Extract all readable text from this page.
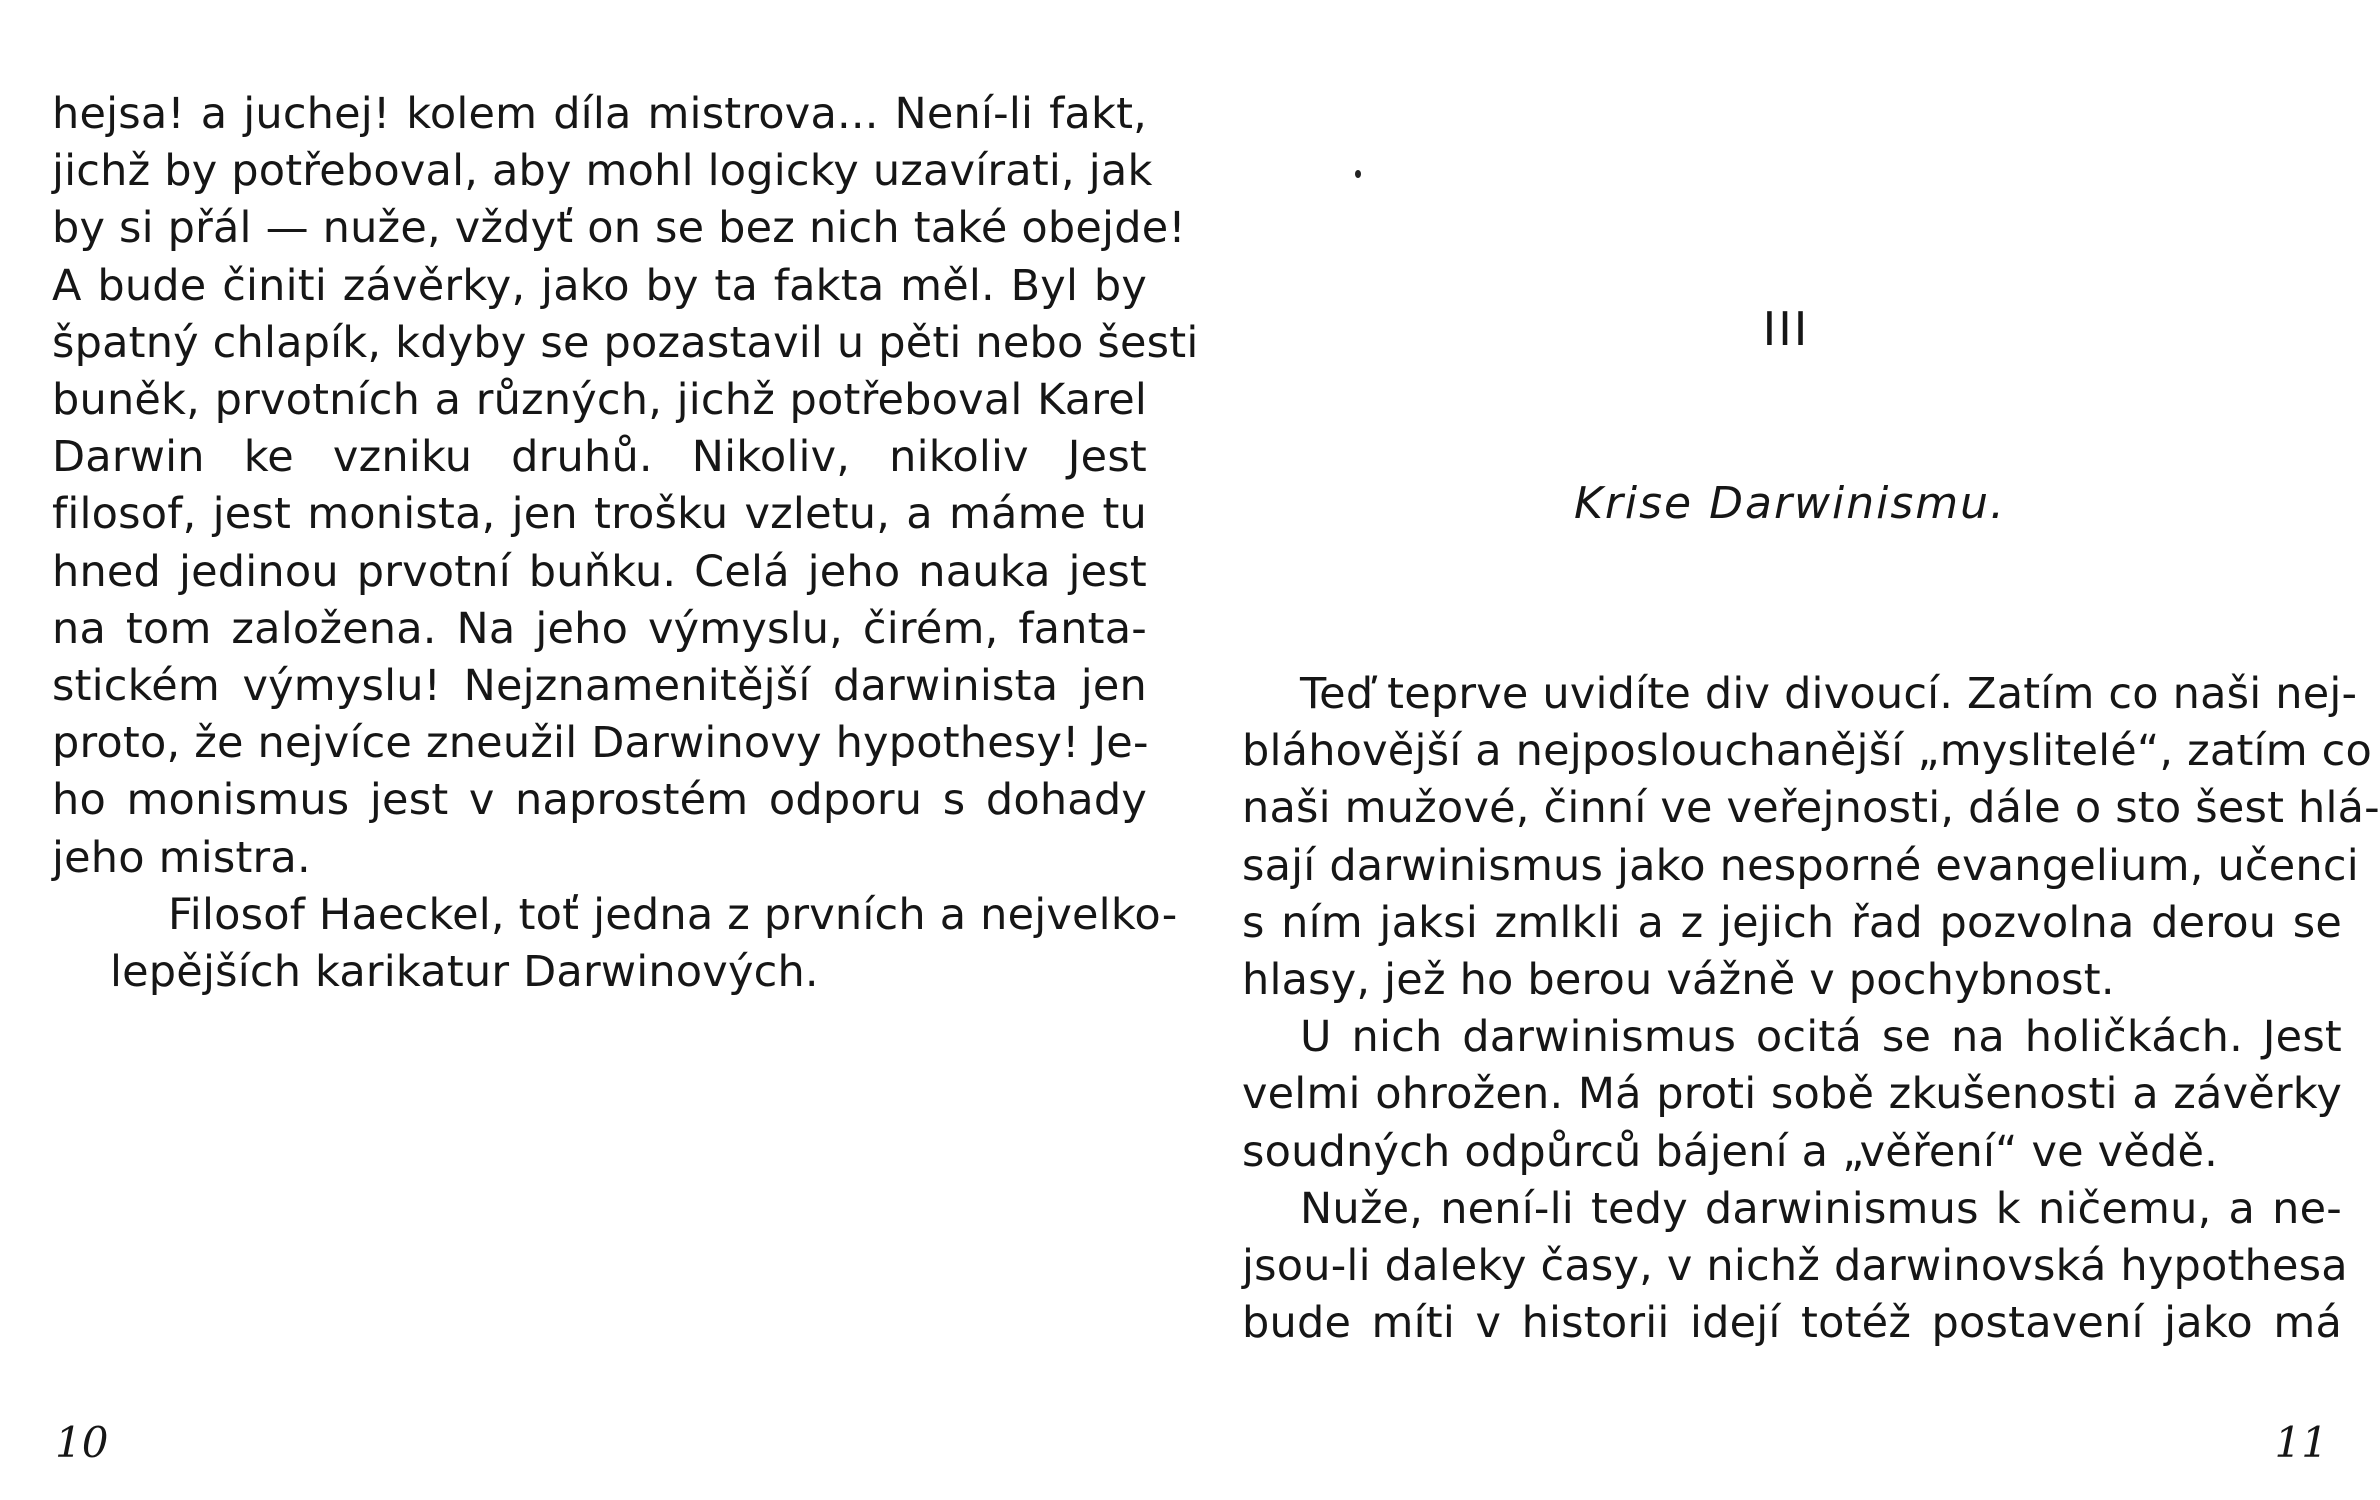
hejsa! a juchej! kolem díla mistrova... Není-li fakt,
jichž by potřeboval, aby mohl logicky uzavírati, jak
by si přál — nuže, vždyť on se bez nich také obejde!
A bude činiti závěrky, jako by ta fakta měl. Byl by
špatný chlapík, kdyby se pozastavil u pěti nebo šesti
buněk, prvotních a různých, jichž potřeboval Karel
Darwin ke vzniku druhů. Nikoliv, nikoliv Jest
filosof, jest monista, jen trošku vzletu, a máme tu
hned jedinou prvotní buňku. Celá jeho nauka jest
na tom založena. Na jeho výmyslu, čirém, fanta-
stickém výmyslu! Nejznamenitější darwinista jen
proto, že nejvíce zneužil Darwinovy hypothesy! Je-
ho monismus jest v naprostém odporu s dohady
jeho mistra.

Filosof Haeckel, toť jedna z prvních a nejvelko-
lepějších karikatur Darwinových.

10
III
Krise Darwinismu.

Teď teprve uvidíte div divoucí. Zatím co naši nej-
bláhovější a nejposlouchanější „myslitelé“, zatím co
naši mužové, činní ve veřejnosti, dále o sto šest hlá-
sají darwinismus jako nesporné evangelium, učenci
s ním jaksi zmlkli a z jejich řad pozvolna derou se
hlasy, jež ho berou vážně v pochybnost.

U nich darwinismus ocitá se na holičkách. Jest
velmi ohrožen. Má proti sobě zkušenosti a závěrky
soudných odpůrců bájení a „věření“ ve vědě.

Nuže, není-li tedy darwinismus k ničemu, a ne-
jsou-li daleky časy, v nichž darwinovská hypothesa
bude míti v historii idejí totéž postavení jako má

11
